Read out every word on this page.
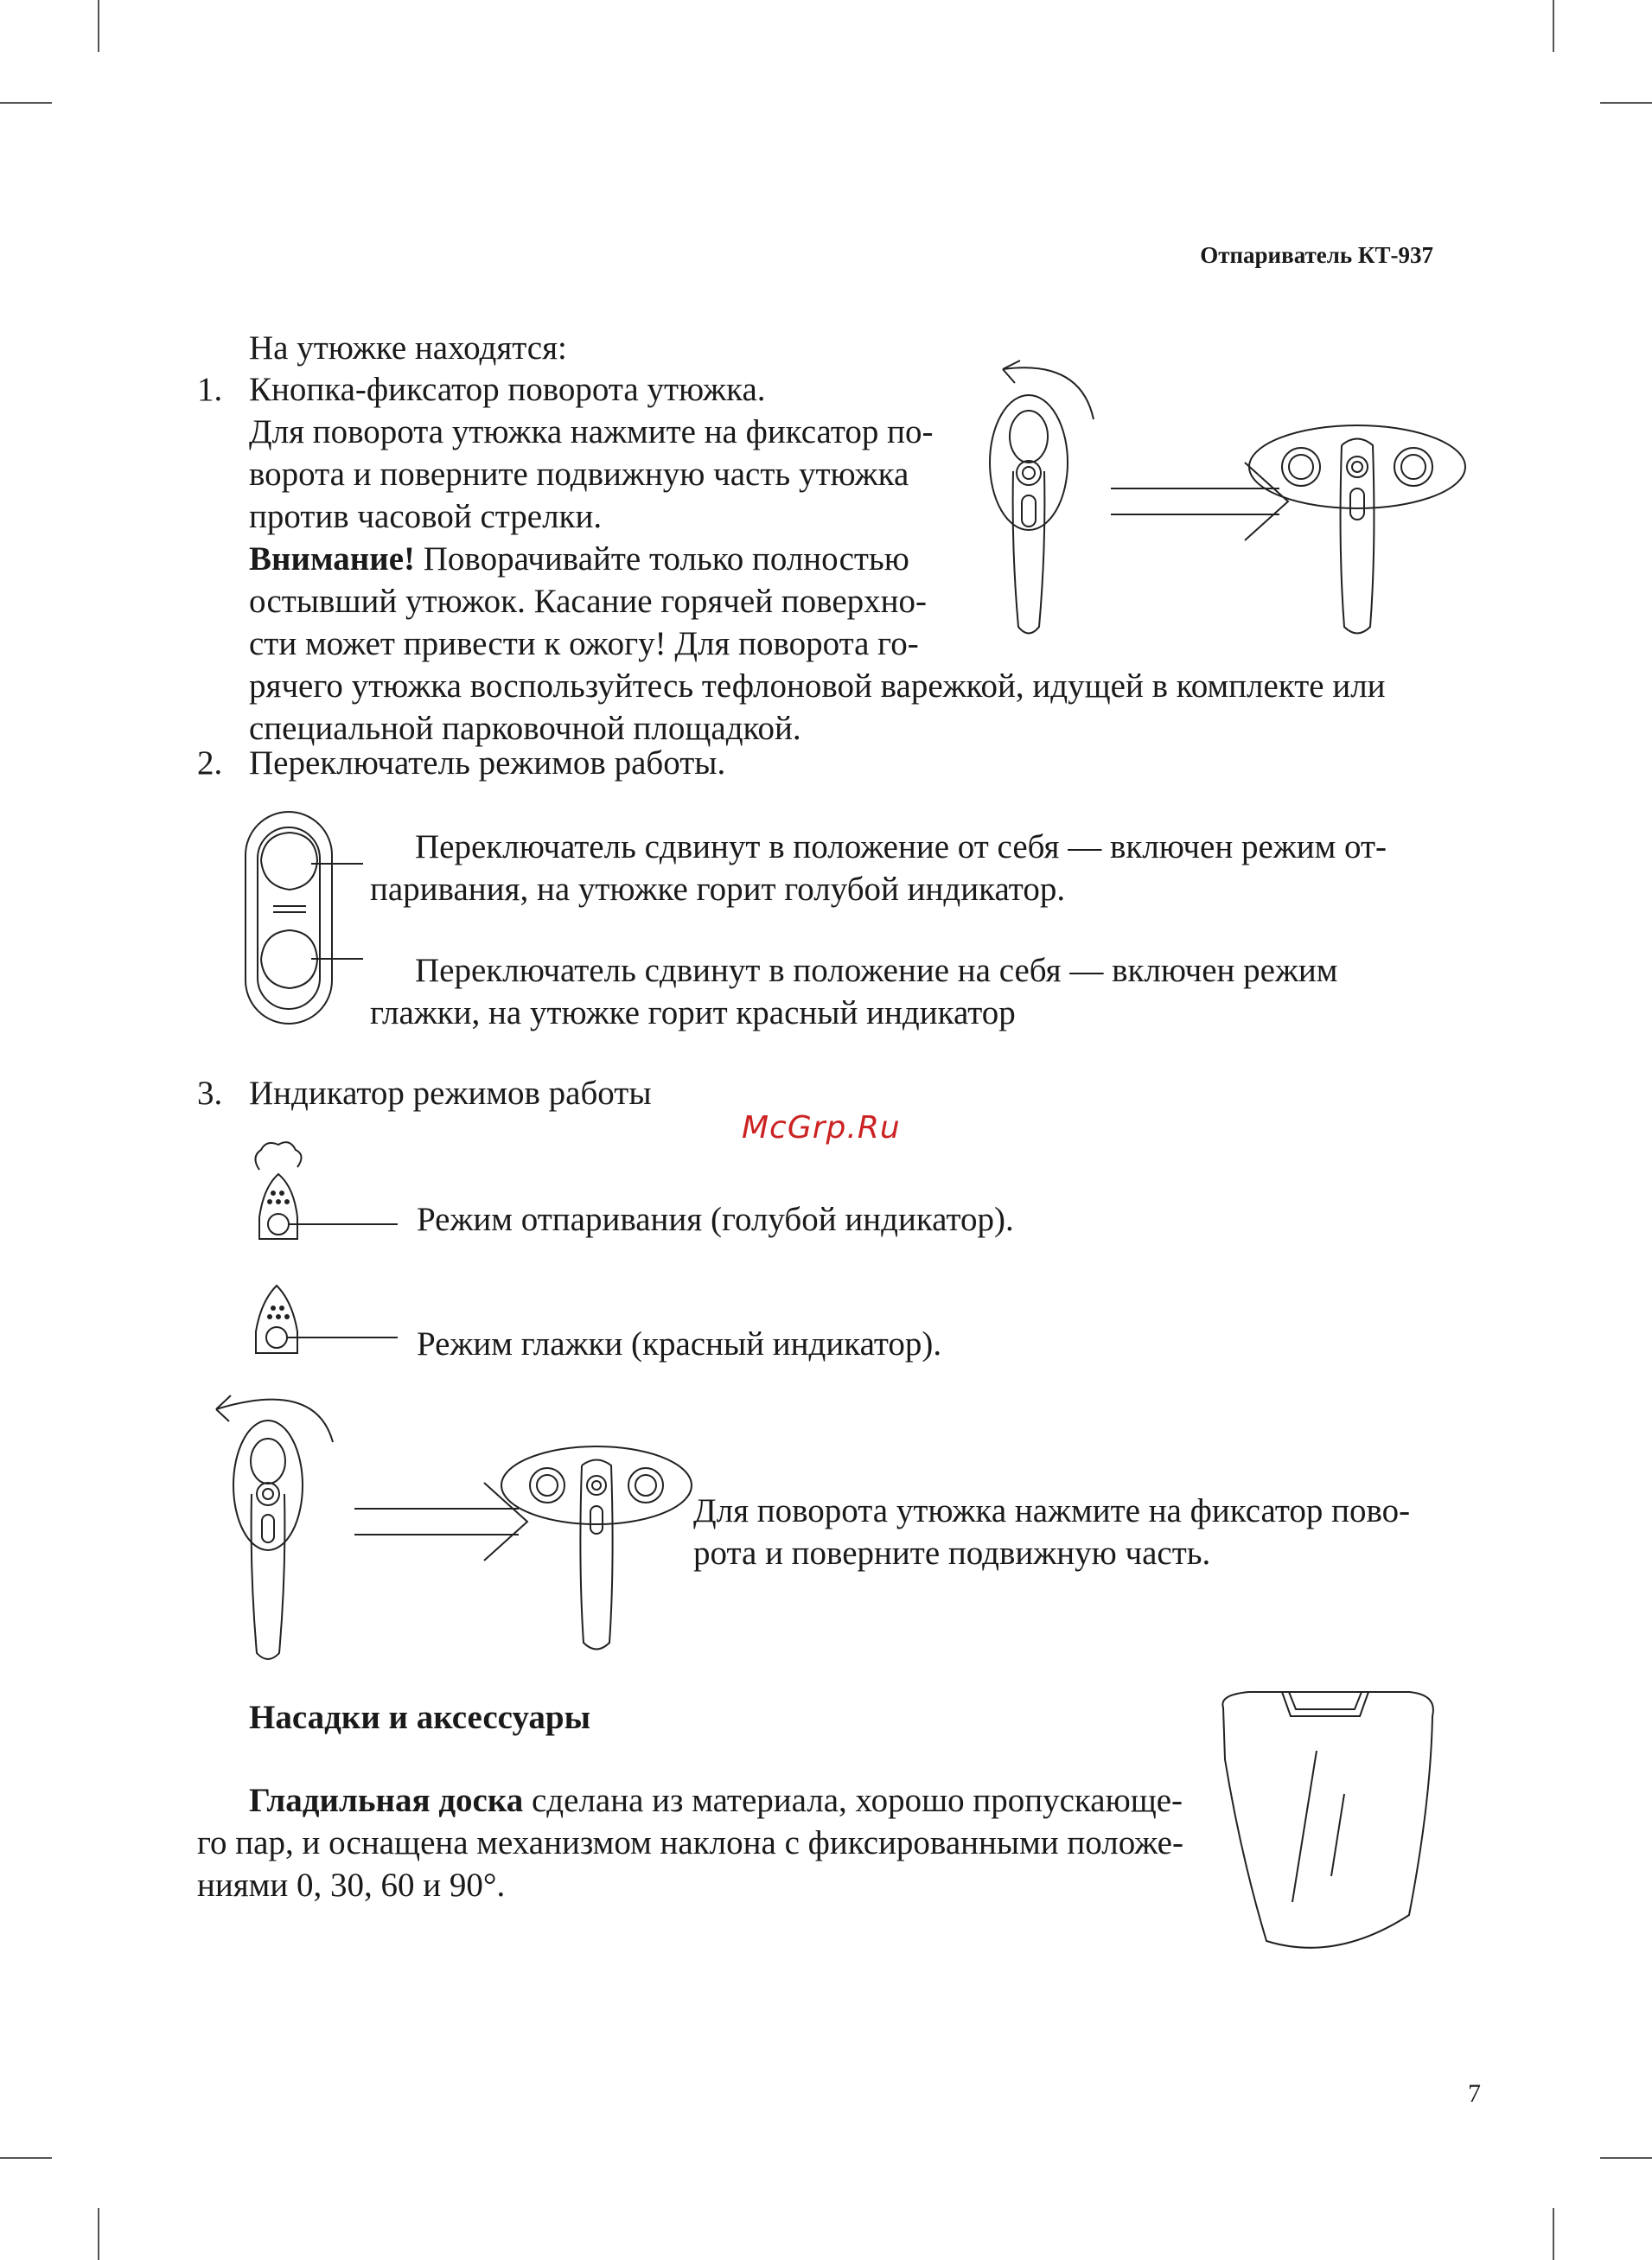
Отпариватель КТ-937

На утюжке находятся:

1. Кнопка-фиксатор поворота утюжка.

Для поворота утюжка нажмите на фиксатор по-

ворота и поверните подвижную часть утюжка

против часовой стрелки.

Внимание! Поворачивайте только полностью

остывший утюжок. Касание горячей поверхно-

сти может привести к ожогу! Для поворота го-

рячего утюжка воспользуйтесь тефлоновой варежкой, идущей в комплекте или

специальной парковочной площадкой.

2. Переключатель режимов работы.

Переключатель сдвинут в положение от себя — включен режим от-

паривания, на утюжке горит голубой индикатор.

Переключатель сдвинут в положение на себя — включен режим

глажки, на утюжке горит красный индикатор

3. Индикатор режимов работы

McGrp.Ru

Режим отпаривания (голубой индикатор).

Режим глажки (красный индикатор).

Для поворота утюжка нажмите на фиксатор пово-

рота и поверните подвижную часть.

Насадки и аксессуары

Гладильная доска сделана из материала, хорошо пропускающе-

го пар, и оснащена механизмом наклона с фиксированными положе-

ниями 0, 30, 60 и 90°.

7
